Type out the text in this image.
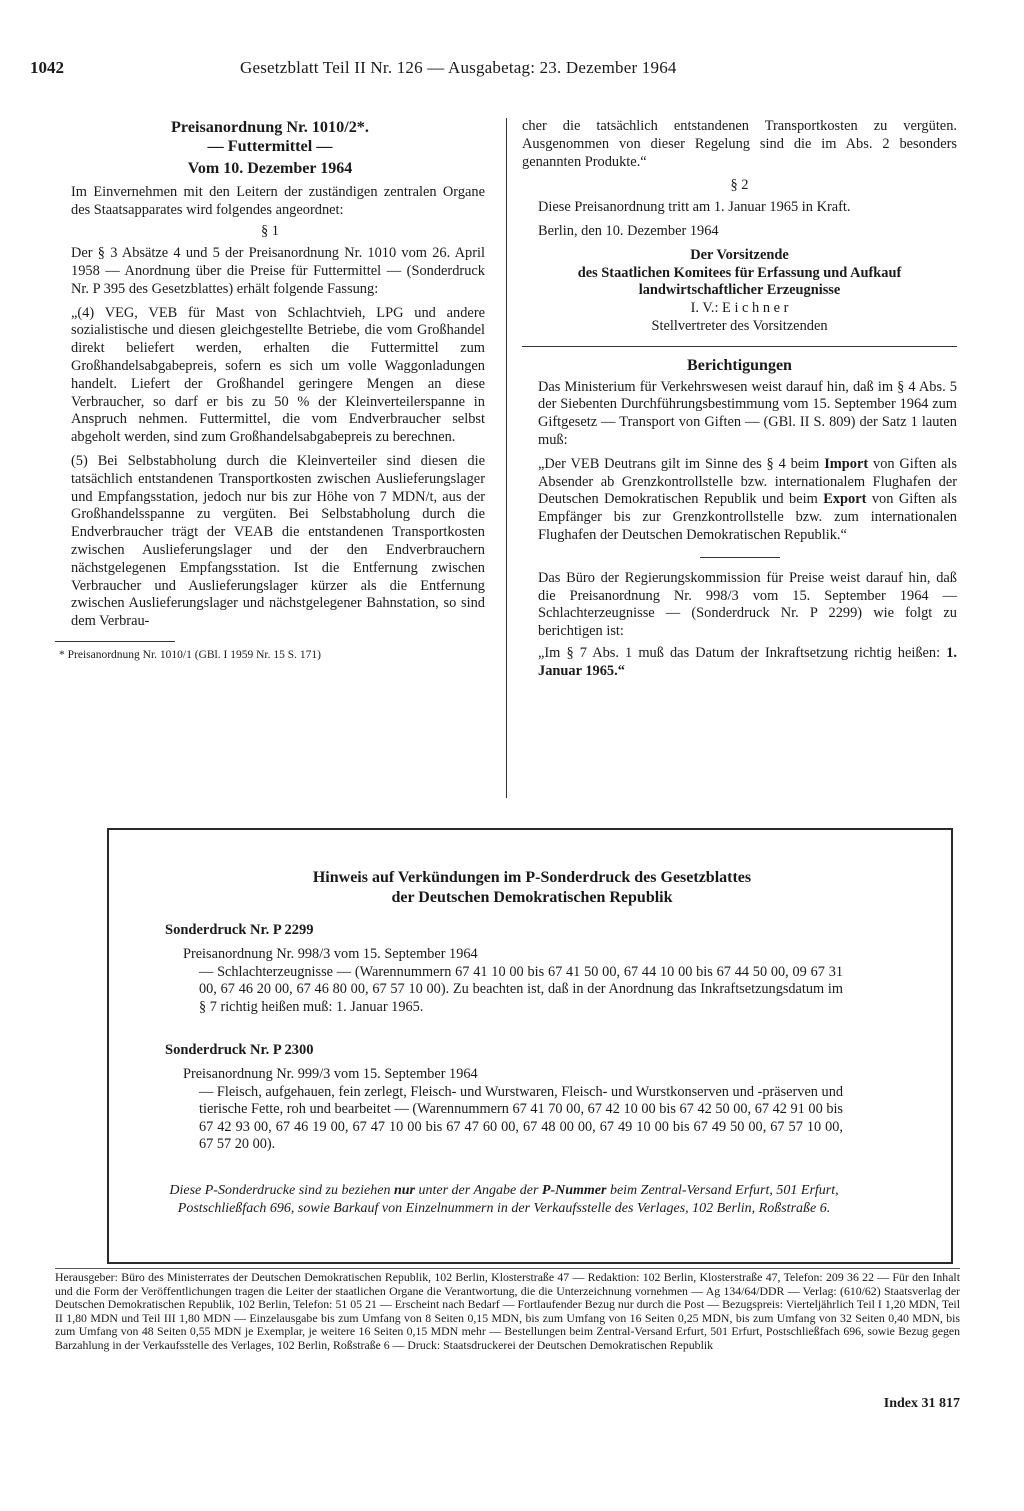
1042	Gesetzblatt Teil II Nr. 126 — Ausgabetag: 23. Dezember 1964

Preisanordnung Nr. 1010/2*.

— Futtermittel —

Vom 10. Dezember 1964

Im Einvernehmen mit den Leitern der zuständigen zentralen Organe des Staatsapparates wird folgendes angeordnet:

§ 1

Der § 3 Absätze 4 und 5 der Preisanordnung Nr. 1010 vom 26. April 1958 — Anordnung über die Preise für Futtermittel — (Sonderdruck Nr. P 395 des Gesetzblattes) erhält folgende Fassung:

„(4) VEG, VEB für Mast von Schlachtvieh, LPG und andere sozialistische und diesen gleichgestellte Betriebe, die vom Großhandel direkt beliefert werden, erhalten die Futtermittel zum Großhandelsabgabepreis, sofern es sich um volle Waggonladungen handelt. Liefert der Großhandel geringere Mengen an diese Verbraucher, so darf er bis zu 50 % der Kleinverteilerspanne in Anspruch nehmen. Futtermittel, die vom Endverbraucher selbst abgeholt werden, sind zum Großhandelsabgabepreis zu berechnen.

(5) Bei Selbstabholung durch die Kleinverteiler sind diesen die tatsächlich entstandenen Transportkosten zwischen Auslieferungslager und Empfangsstation, jedoch nur bis zur Höhe von 7 MDN/t, aus der Großhandelsspanne zu vergüten. Bei Selbstabholung durch die Endverbraucher trägt der VEAB die entstandenen Transportkosten zwischen Auslieferungslager und der den Endverbrauchern nächstgelegenen Empfangsstation. Ist die Entfernung zwischen Verbraucher und Auslieferungslager kürzer als die Entfernung zwischen Auslieferungslager und nächstgelegener Bahnstation, so sind dem Verbrau-

* Preisanordnung Nr. 1010/1 (GBl. I 1959 Nr. 15 S. 171)

cher die tatsächlich entstandenen Transportkosten zu vergüten. Ausgenommen von dieser Regelung sind die im Abs. 2 besonders genannten Produkte.“

§ 2

Diese Preisanordnung tritt am 1. Januar 1965 in Kraft.

Berlin, den 10. Dezember 1964

Der Vorsitzende

des Staatlichen Komitees für Erfassung und Aufkauf

landwirtschaftlicher Erzeugnisse

I. V.: E i c h n e r

Stellvertreter des Vorsitzenden

Berichtigungen

Das Ministerium für Verkehrswesen weist darauf hin, daß im § 4 Abs. 5 der Siebenten Durchführungsbestimmung vom 15. September 1964 zum Giftgesetz — Transport von Giften — (GBl. II S. 809) der Satz 1 lauten muß:

„Der VEB Deutrans gilt im Sinne des § 4 beim Import von Giften als Absender ab Grenzkontrollstelle bzw. internationalem Flughafen der Deutschen Demokratischen Republik und beim Export von Giften als Empfänger bis zur Grenzkontrollstelle bzw. zum internationalen Flughafen der Deutschen Demokratischen Republik.“

Das Büro der Regierungskommission für Preise weist darauf hin, daß die Preisanordnung Nr. 998/3 vom 15. September 1964 — Schlachterzeugnisse — (Sonderdruck Nr. P 2299) wie folgt zu berichtigen ist:

„Im § 7 Abs. 1 muß das Datum der Inkraftsetzung richtig heißen: 1. Januar 1965.“

Hinweis auf Verkündungen im P-Sonderdruck des Gesetzblattes
der Deutschen Demokratischen Republik
Sonderdruck Nr. P 2299
Preisanordnung Nr. 998/3 vom 15. September 1964
— Schlachterzeugnisse — (Warennummern 67 41 10 00 bis 67 41 50 00, 67 44 10 00 bis 67 44 50 00, 09 67 31 00, 67 46 20 00, 67 46 80 00, 67 57 10 00). Zu beachten ist, daß in der Anordnung das Inkraftsetzungsdatum im § 7 richtig heißen muß: 1. Januar 1965.
Sonderdruck Nr. P 2300
Preisanordnung Nr. 999/3 vom 15. September 1964
— Fleisch, aufgehauen, fein zerlegt, Fleisch- und Wurstwaren, Fleisch- und Wurstkonserven und -präserven und tierische Fette, roh und bearbeitet — (Warennummern 67 41 70 00, 67 42 10 00 bis 67 42 50 00, 67 42 91 00 bis 67 42 93 00, 67 46 19 00, 67 47 10 00 bis 67 47 60 00, 67 48 00 00, 67 49 10 00 bis 67 49 50 00, 67 57 10 00, 67 57 20 00).
Diese P-Sonderdrucke sind zu beziehen nur unter der Angabe der P-Nummer beim Zentral-Versand Erfurt, 501 Erfurt, Postschließfach 696, sowie Barkauf von Einzelnummern in der Verkaufsstelle des Verlages, 102 Berlin, Roßstraße 6.
Herausgeber: Büro des Ministerrates der Deutschen Demokratischen Republik, 102 Berlin, Klosterstraße 47 — Redaktion: 102 Berlin, Klosterstraße 47, Telefon: 209 36 22 — Für den Inhalt und die Form der Veröffentlichungen tragen die Leiter der staatlichen Organe die Verantwortung, die die Unterzeichnung vornehmen — Ag 134/64/DDR — Verlag: (610/62) Staatsverlag der Deutschen Demokratischen Republik, 102 Berlin, Telefon: 51 05 21 — Erscheint nach Bedarf — Fortlaufender Bezug nur durch die Post — Bezugspreis: Vierteljährlich Teil I 1,20 MDN, Teil II 1,80 MDN und Teil III 1,80 MDN — Einzelausgabe bis zum Umfang von 8 Seiten 0,15 MDN, bis zum Umfang von 16 Seiten 0,25 MDN, bis zum Umfang von 32 Seiten 0,40 MDN, bis zum Umfang von 48 Seiten 0,55 MDN je Exemplar, je weitere 16 Seiten 0,15 MDN mehr — Bestellungen beim Zentral-Versand Erfurt, 501 Erfurt, Postschließfach 696, sowie Bezug gegen Barzahlung in der Verkaufsstelle des Verlages, 102 Berlin, Roßstraße 6 — Druck: Staatsdruckerei der Deutschen Demokratischen Republik
Index 31 817
